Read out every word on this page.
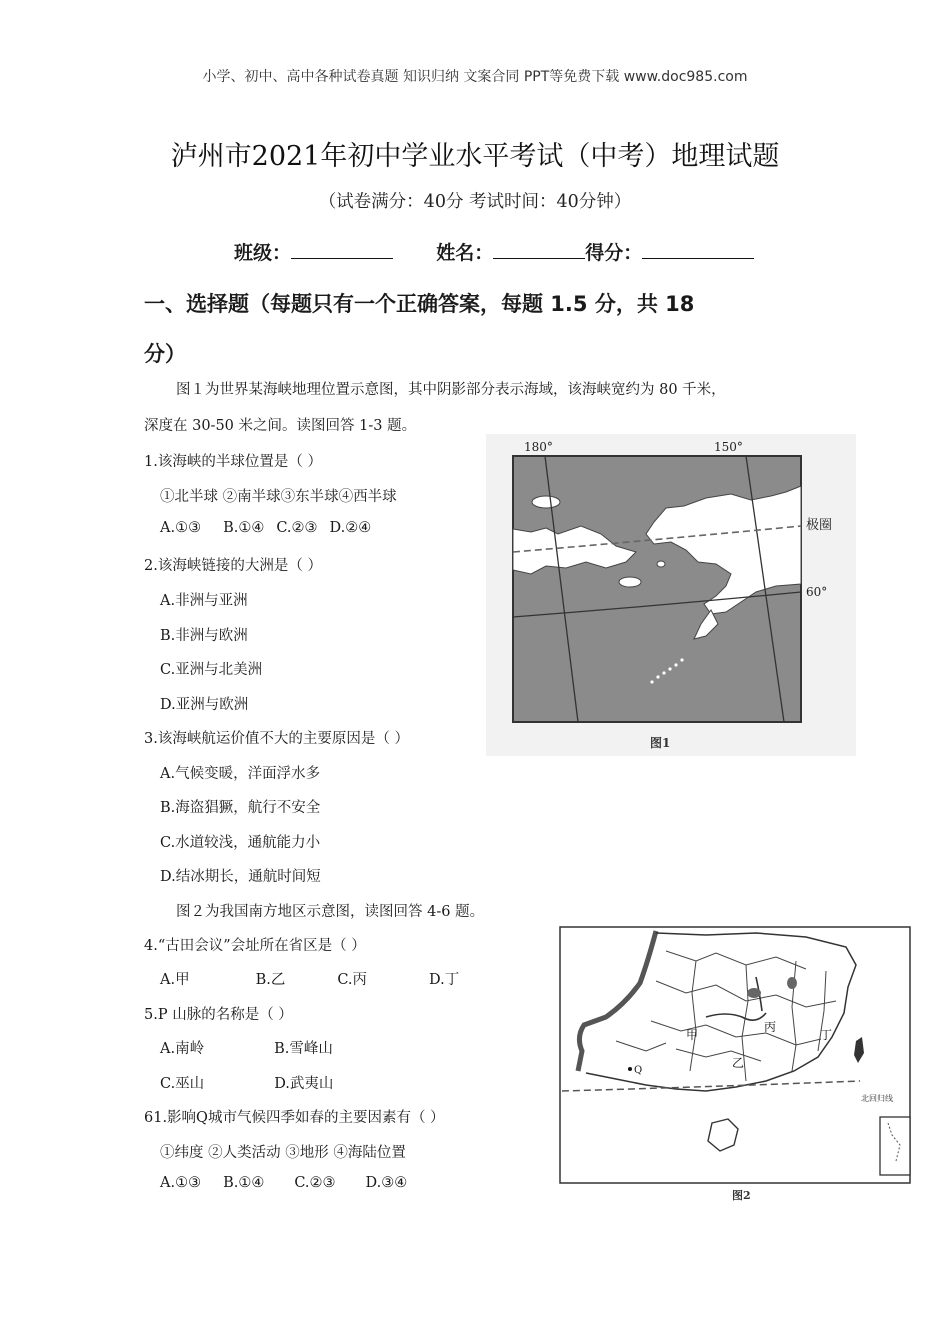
小学、初中、高中各种试卷真题 知识归纳 文案合同 PPT等免费下载 www.doc985.com
泸州市2021年初中学业水平考试（中考）地理试题
（试卷满分：40分 考试时间：40分钟）
班级：	姓名：	得分：
一、选择题（每题只有一个正确答案，每题 1.5 分，共 18
分）
图１为世界某海峡地理位置示意图，其中阴影部分表示海域，该海峡宽约为 80 千米，
深度在 30-50 米之间。读图回答 1-3 题。
1.该海峡的半球位置是（ ）
①北半球 ②南半球③东半球④西半球
A.①③ B.①④ C.②③ D.②④
2.该海峡链接的大洲是（ ）
A.非洲与亚洲
B.非洲与欧洲
C.亚洲与北美洲
D.亚洲与欧洲
3.该海峡航运价值不大的主要原因是（ ）
A.气候变暖，洋面浮水多
B.海盗猖獗，航行不安全
C.水道较浅，通航能力小
D.结冰期长，通航时间短
图２为我国南方地区示意图，读图回答 4-6 题。
4.“古田会议”会址所在省区是（ ）
A.甲	B.乙	C.丙	D.丁
5.P 山脉的名称是（ ）
A.南岭	B.雪峰山
C.巫山	D.武夷山
61.影响Q城市气候四季如春的主要因素有（ ）
①纬度 ②人类活动 ③地形 ④海陆位置
A.①③ B.①④ C.②③ D.③④
180°	150°
极圈
60°
图1
甲
乙
丙
丁
Q
北回归线
图2
